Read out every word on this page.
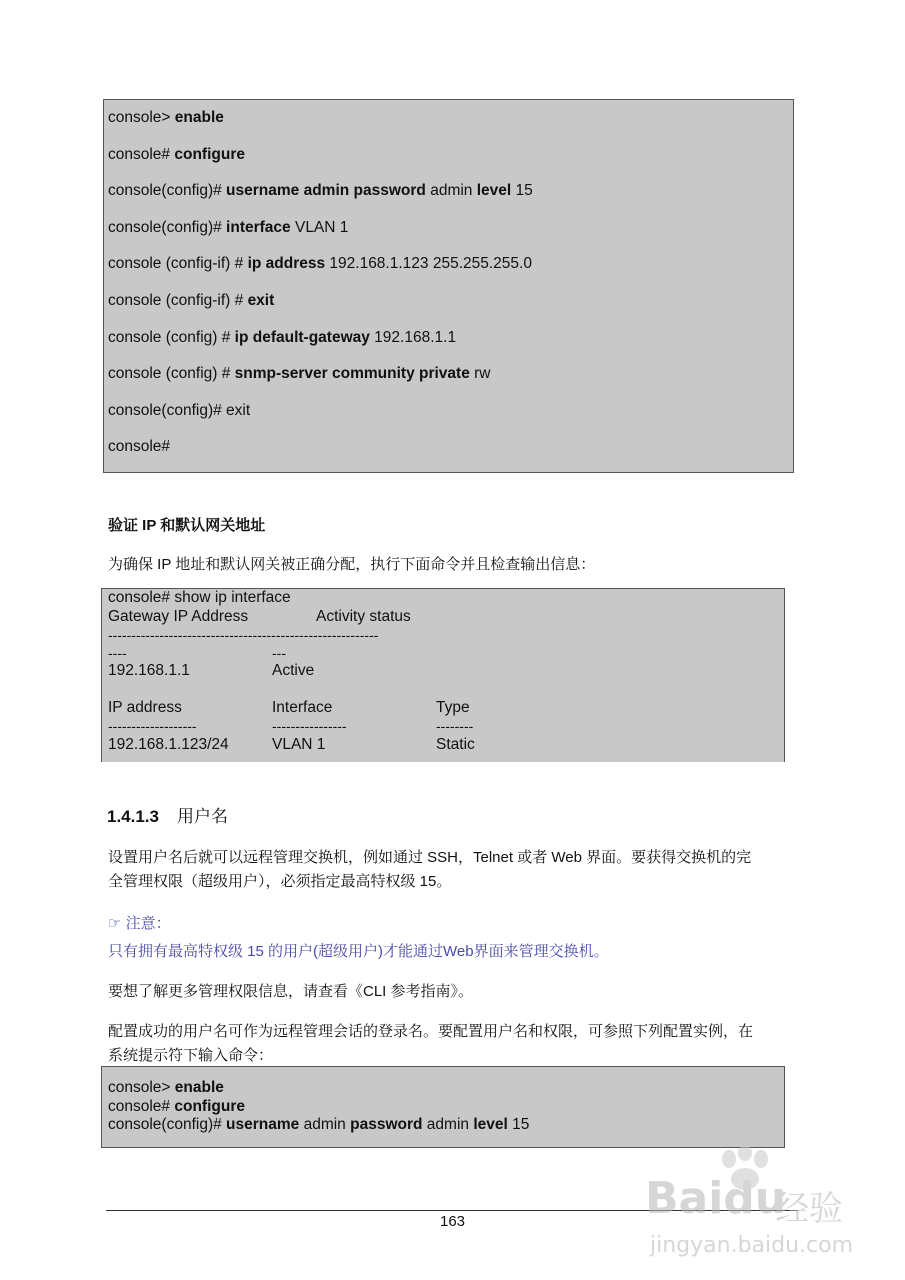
console> enable
console# configure
console(config)# username admin password admin level 15
console(config)# interface VLAN 1
console (config-if) # ip address 192.168.1.123 255.255.255.0
console (config-if) # exit
console (config) # ip default-gateway 192.168.1.1
console (config) # snmp-server community private rw
console(config)# exit
console#
验证 IP 和默认网关地址
为确保 IP 地址和默认网关被正确分配，执行下面命令并且检查输出信息：
console# show ip interface
Gateway IP Address	Activity status
----------------------------------------------------------
----	---
192.168.1.1	Active
IP address	Interface	Type
-------------------	----------------	--------
192.168.1.123/24	VLAN 1	Static
1.4.1.3 用户名
设置用户名后就可以远程管理交换机，例如通过 SSH，Telnet 或者 Web 界面。要获得交换机的完
全管理权限（超级用户），必须指定最高特权级 15。
☞ 注意：
只有拥有最高特权级 15 的用户(超级用户)才能通过Web界面来管理交换机。
要想了解更多管理权限信息，请查看《CLI 参考指南》。
配置成功的用户名可作为远程管理会话的登录名。要配置用户名和权限，可参照下列配置实例，在
系统提示符下输入命令：
console> enable
console# configure
console(config)# username admin password admin level 15
163	Baidu
经验
jingyan.baidu.com
